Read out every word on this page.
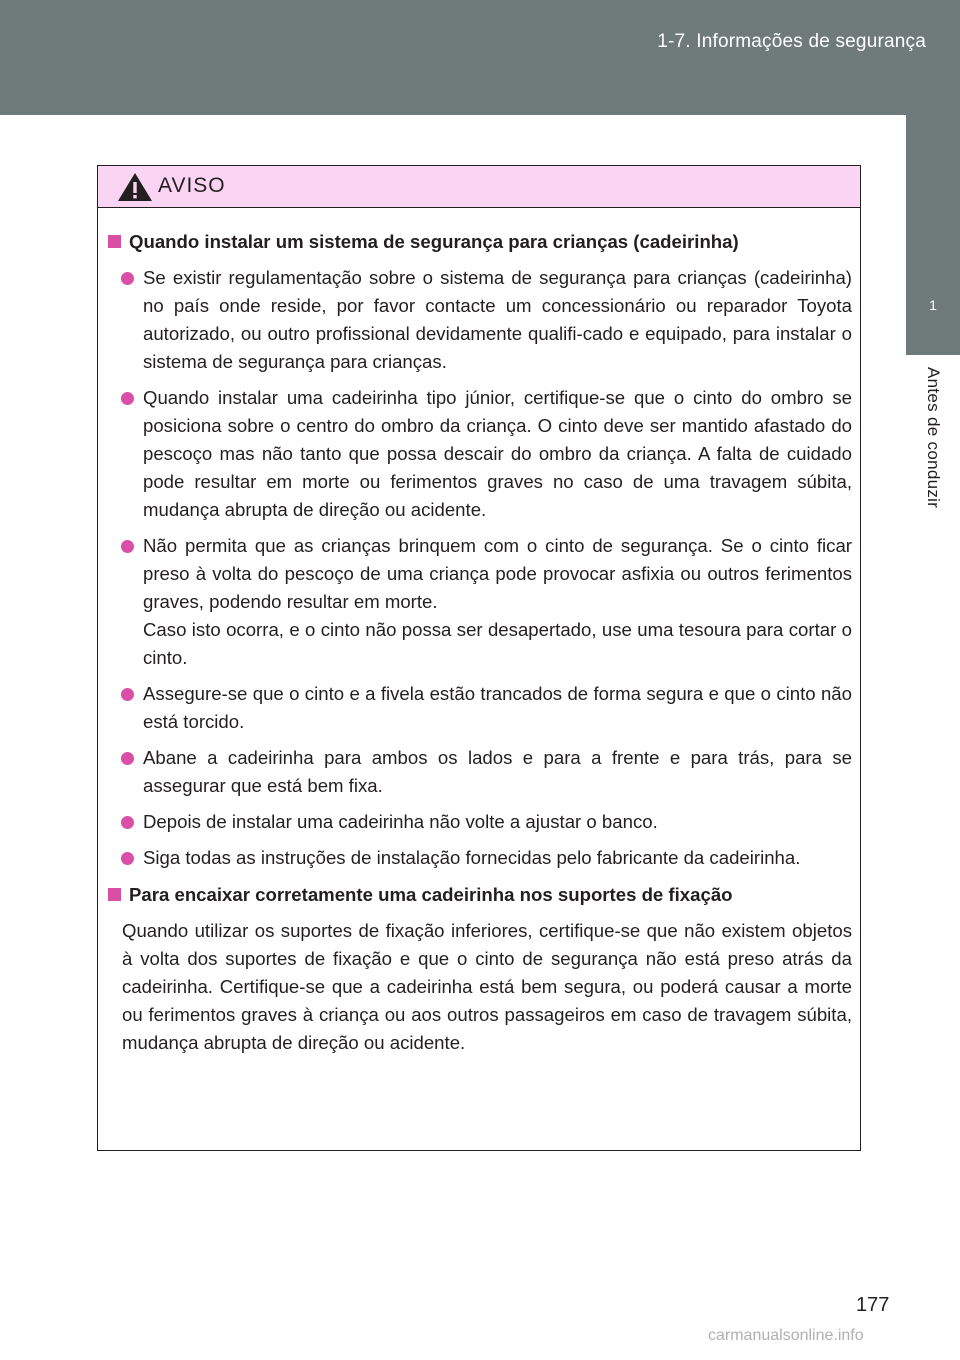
1-7. Informações de segurança
1
Antes de conduzir
AVISO
Quando instalar um sistema de segurança para crianças (cadeirinha)
Se existir regulamentação sobre o sistema de segurança para crianças (cadeirinha) no país onde reside, por favor contacte um concessionário ou reparador Toyota autorizado, ou outro profissional devidamente qualifi-cado e equipado, para instalar o sistema de segurança para crianças.
Quando instalar uma cadeirinha tipo júnior, certifique-se que o cinto do ombro se posiciona sobre o centro do ombro da criança. O cinto deve ser mantido afastado do pescoço mas não tanto que possa descair do ombro da criança. A falta de cuidado pode resultar em morte ou ferimentos graves no caso de uma travagem súbita, mudança abrupta de direção ou acidente.
Não permita que as crianças brinquem com o cinto de segurança. Se o cinto ficar preso à volta do pescoço de uma criança pode provocar asfixia ou outros ferimentos graves, podendo resultar em morte.
Caso isto ocorra, e o cinto não possa ser desapertado, use uma tesoura para cortar o cinto.
Assegure-se que o cinto e a fivela estão trancados de forma segura e que o cinto não está torcido.
Abane a cadeirinha para ambos os lados e para a frente e para trás, para se assegurar que está bem fixa.
Depois de instalar uma cadeirinha não volte a ajustar o banco.
Siga todas as instruções de instalação fornecidas pelo fabricante da cadeirinha.
Para encaixar corretamente uma cadeirinha nos suportes de fixação
Quando utilizar os suportes de fixação inferiores, certifique-se que não existem objetos à volta dos suportes de fixação e que o cinto de segurança não está preso atrás da cadeirinha. Certifique-se que a cadeirinha está bem segura, ou poderá causar a morte ou ferimentos graves à criança ou aos outros passageiros em caso de travagem súbita, mudança abrupta de direção ou acidente.
177
carmanualsonline.info
